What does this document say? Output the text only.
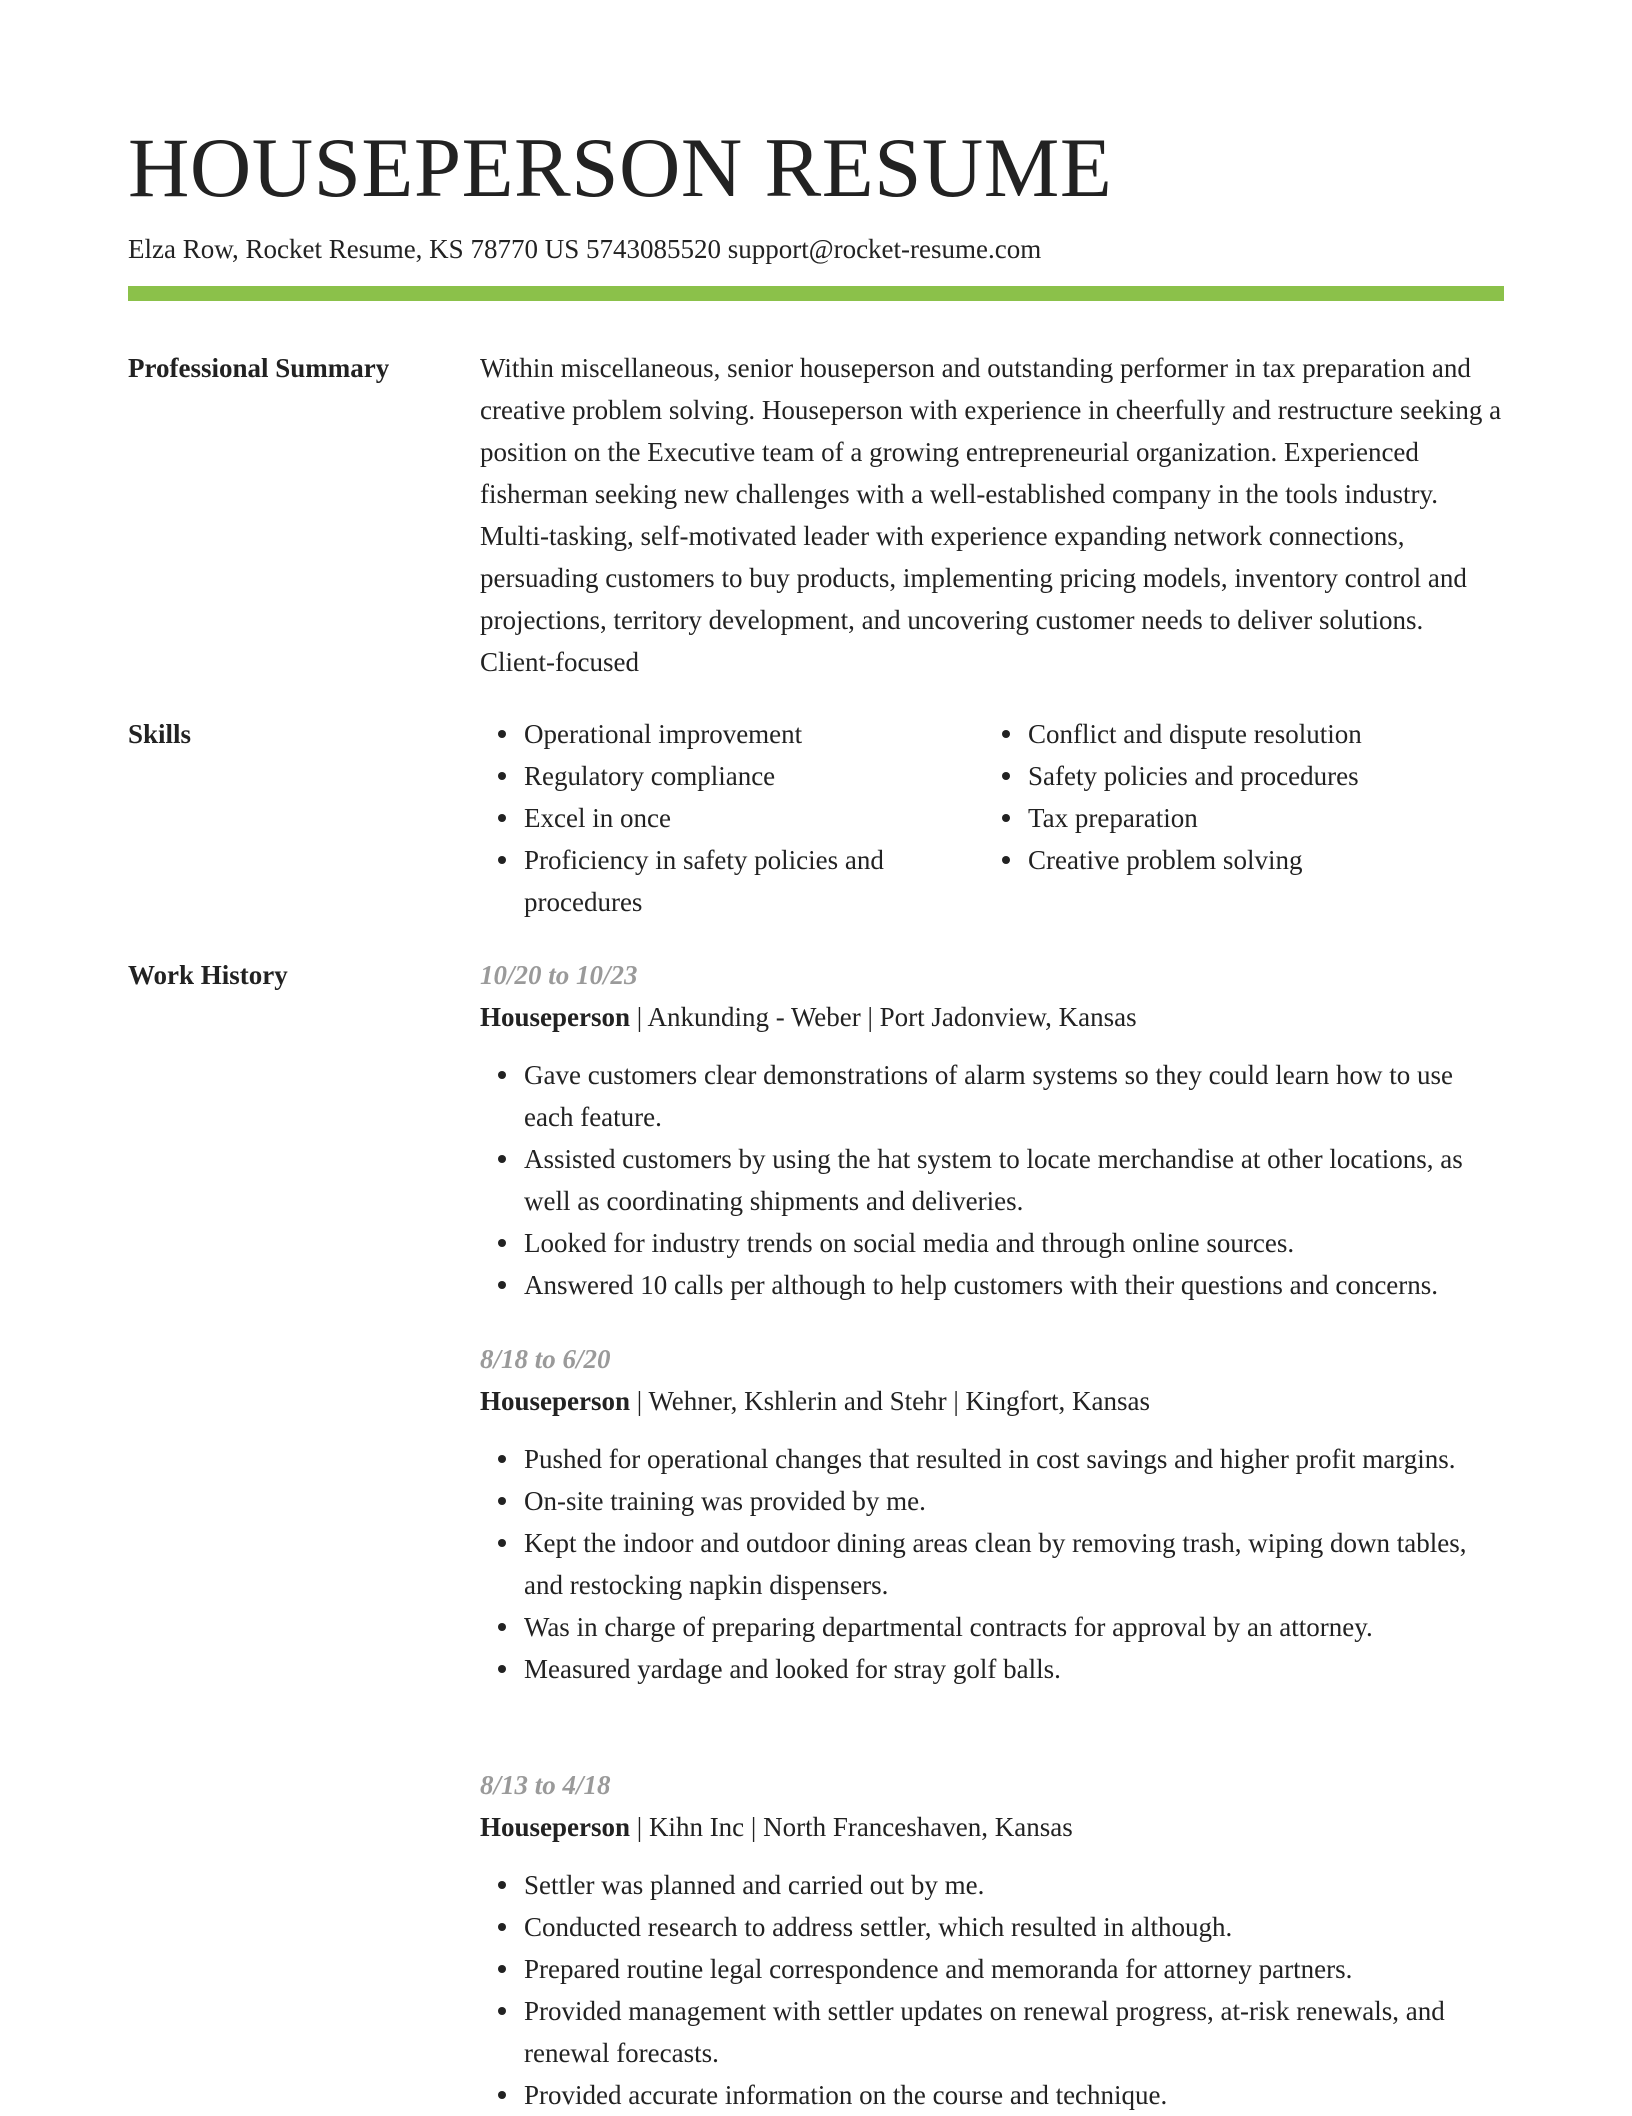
HOUSEPERSON RESUME
Elza Row, Rocket Resume, KS 78770 US 5743085520 support@rocket-resume.com
Professional Summary	Within miscellaneous, senior houseperson and outstanding performer in tax preparation and creative problem solving. Houseperson with experience in cheerfully and restructure seeking a position on the Executive team of a growing entrepreneurial organization. Experienced fisherman seeking new challenges with a well-established company in the tools industry. Multi-tasking, self-motivated leader with experience expanding network connections, persuading customers to buy products, implementing pricing models, inventory control and projections, territory development, and uncovering customer needs to deliver solutions. Client-focused

Skills	Operational improvement
Regulatory compliance
Excel in once
Proficiency in safety policies and procedures
Conflict and dispute resolution
Safety policies and procedures
Tax preparation
Creative problem solving
Work History	10/20 to 10/23
Houseperson | Ankunding - Weber | Port Jadonview, Kansas
Gave customers clear demonstrations of alarm systems so they could learn how to use each feature.
Assisted customers by using the hat system to locate merchandise at other locations, as well as coordinating shipments and deliveries.
Looked for industry trends on social media and through online sources.
Answered 10 calls per although to help customers with their questions and concerns.
8/18 to 6/20
Houseperson | Wehner, Kshlerin and Stehr | Kingfort, Kansas
Pushed for operational changes that resulted in cost savings and higher profit margins.
On-site training was provided by me.
Kept the indoor and outdoor dining areas clean by removing trash, wiping down tables, and restocking napkin dispensers.
Was in charge of preparing departmental contracts for approval by an attorney.
Measured yardage and looked for stray golf balls.
8/13 to 4/18
Houseperson | Kihn Inc | North Franceshaven, Kansas
Settler was planned and carried out by me.
Conducted research to address settler, which resulted in although.
Prepared routine legal correspondence and memoranda for attorney partners.
Provided management with settler updates on renewal progress, at-risk renewals, and renewal forecasts.
Provided accurate information on the course and technique.
